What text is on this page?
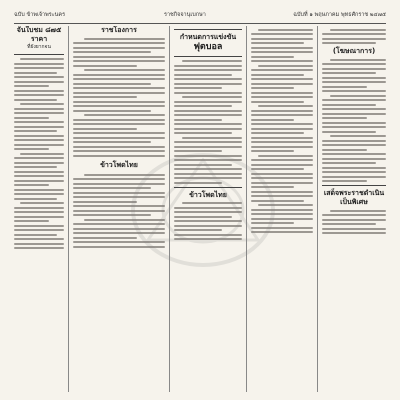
ฉบับ ข้าพเจ้าพระนคร	ราชกิจจานุเบกษา	ฉบับที่ ๑ พฤษภาคม พุทธศักราช ๒๔๗๕
จันใบชม ๘๗๕ ราคา
ที่ยังยากจน
ราชโองการ
ข้าวโพดไทย
กำหนดการแข่งขัน
ฟุตบอล
ข้าวโพดไทย
(โฆษณาการ)
เสด็จพระราชดำเนิน
เป็นพิเศษ
